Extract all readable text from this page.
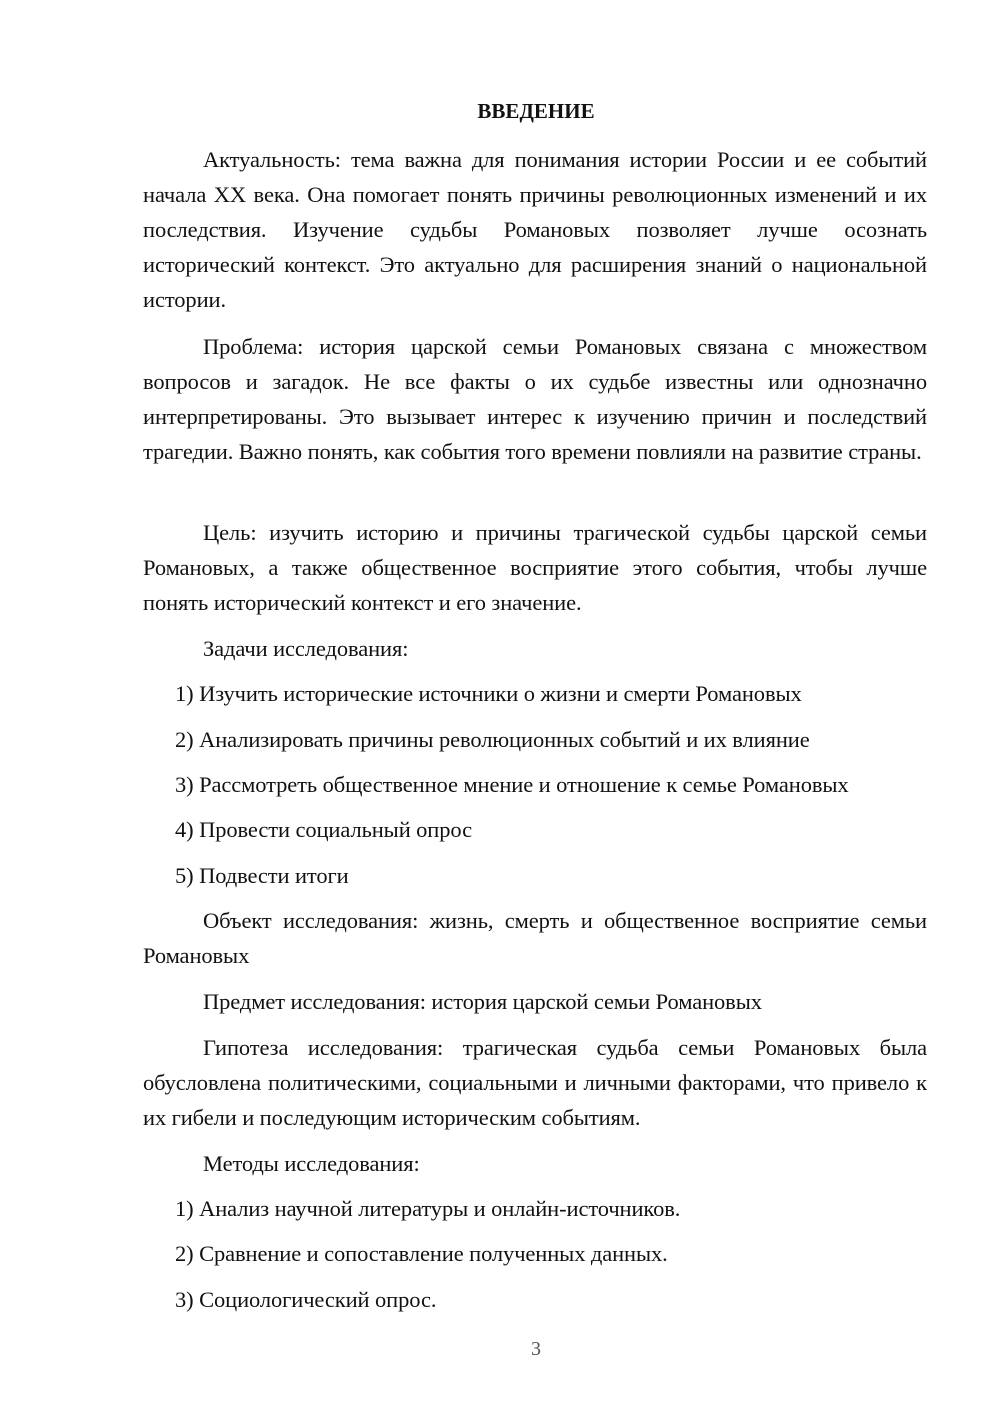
ВВЕДЕНИЕ

Актуальность: тема важна для понимания истории России и ее событий начала XX века. Она помогает понять причины революционных изменений и их последствия. Изучение судьбы Романовых позволяет лучше осознать исторический контекст. Это актуально для расширения знаний о национальной истории.

Проблема: история царской семьи Романовых связана с множеством вопросов и загадок. Не все факты о их судьбе известны или однозначно интерпретированы. Это вызывает интерес к изучению причин и последствий трагедии. Важно понять, как события того времени повлияли на развитие страны.

Цель: изучить историю и причины трагической судьбы царской семьи Романовых, а также общественное восприятие этого события, чтобы лучше понять исторический контекст и его значение.

Задачи исследования:

1) Изучить исторические источники о жизни и смерти Романовых

2) Анализировать причины революционных событий и их влияние

3) Рассмотреть общественное мнение и отношение к семье Романовых

4) Провести социальный опрос

5) Подвести итоги

Объект исследования: жизнь, смерть и общественное восприятие семьи Романовых

Предмет исследования: история царской семьи Романовых

Гипотеза исследования: трагическая судьба семьи Романовых была обусловлена политическими, социальными и личными факторами, что привело к их гибели и последующим историческим событиям.

Методы исследования:

1) Анализ научной литературы и онлайн-источников.

2) Сравнение и сопоставление полученных данных.

3) Социологический опрос.

3
